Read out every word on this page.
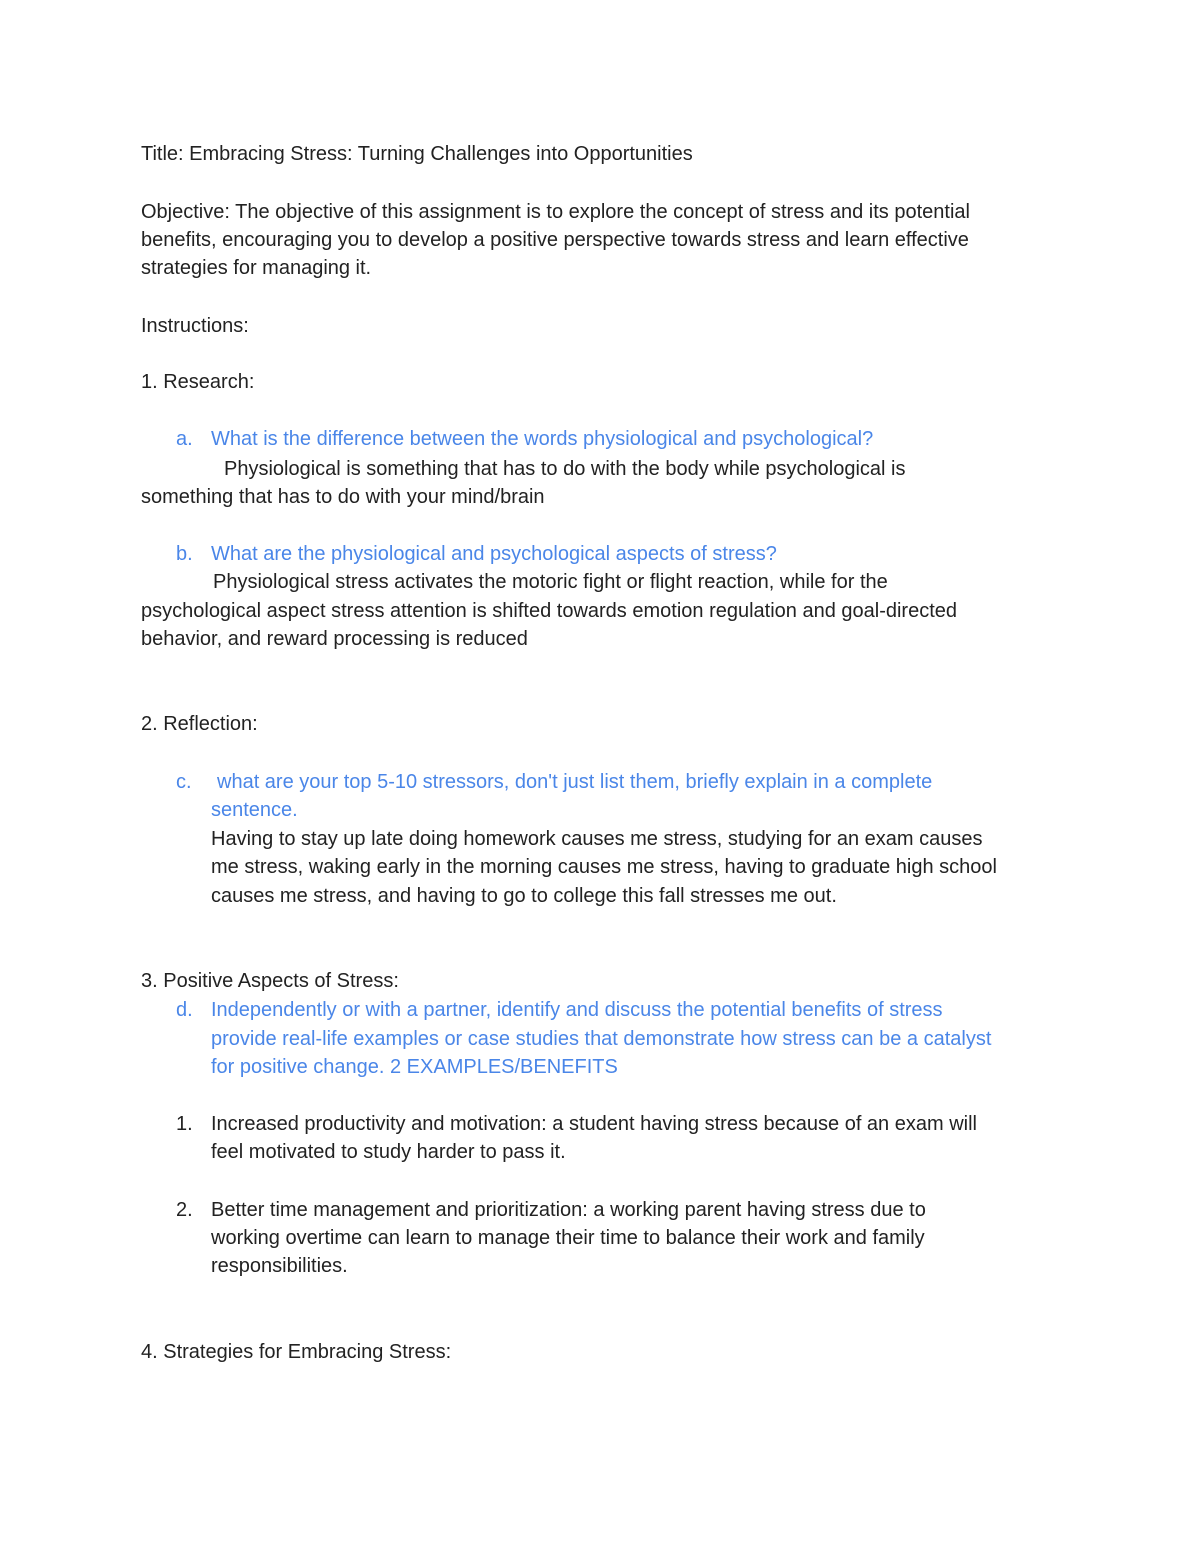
Title: Embracing Stress: Turning Challenges into Opportunities
Objective: The objective of this assignment is to explore the concept of stress and its potential
benefits, encouraging you to develop a positive perspective towards stress and learn effective
strategies for managing it.
Instructions:
1. Research:
a. What is the difference between the words physiological and psychological?
Physiological is something that has to do with the body while psychological is
something that has to do with your mind/brain
b. What are the physiological and psychological aspects of stress?
Physiological stress activates the motoric fight or flight reaction, while for the
psychological aspect stress attention is shifted towards emotion regulation and goal-directed
behavior, and reward processing is reduced
2. Reflection:
c. what are your top 5-10 stressors, don't just list them, briefly explain in a complete
sentence.
Having to stay up late doing homework causes me stress, studying for an exam causes
me stress, waking early in the morning causes me stress, having to graduate high school
causes me stress, and having to go to college this fall stresses me out.
3. Positive Aspects of Stress:
d. Independently or with a partner, identify and discuss the potential benefits of stress
provide real-life examples or case studies that demonstrate how stress can be a catalyst
for positive change. 2 EXAMPLES/BENEFITS
1. Increased productivity and motivation: a student having stress because of an exam will
feel motivated to study harder to pass it.
2. Better time management and prioritization: a working parent having stress due to
working overtime can learn to manage their time to balance their work and family
responsibilities.
4. Strategies for Embracing Stress:
